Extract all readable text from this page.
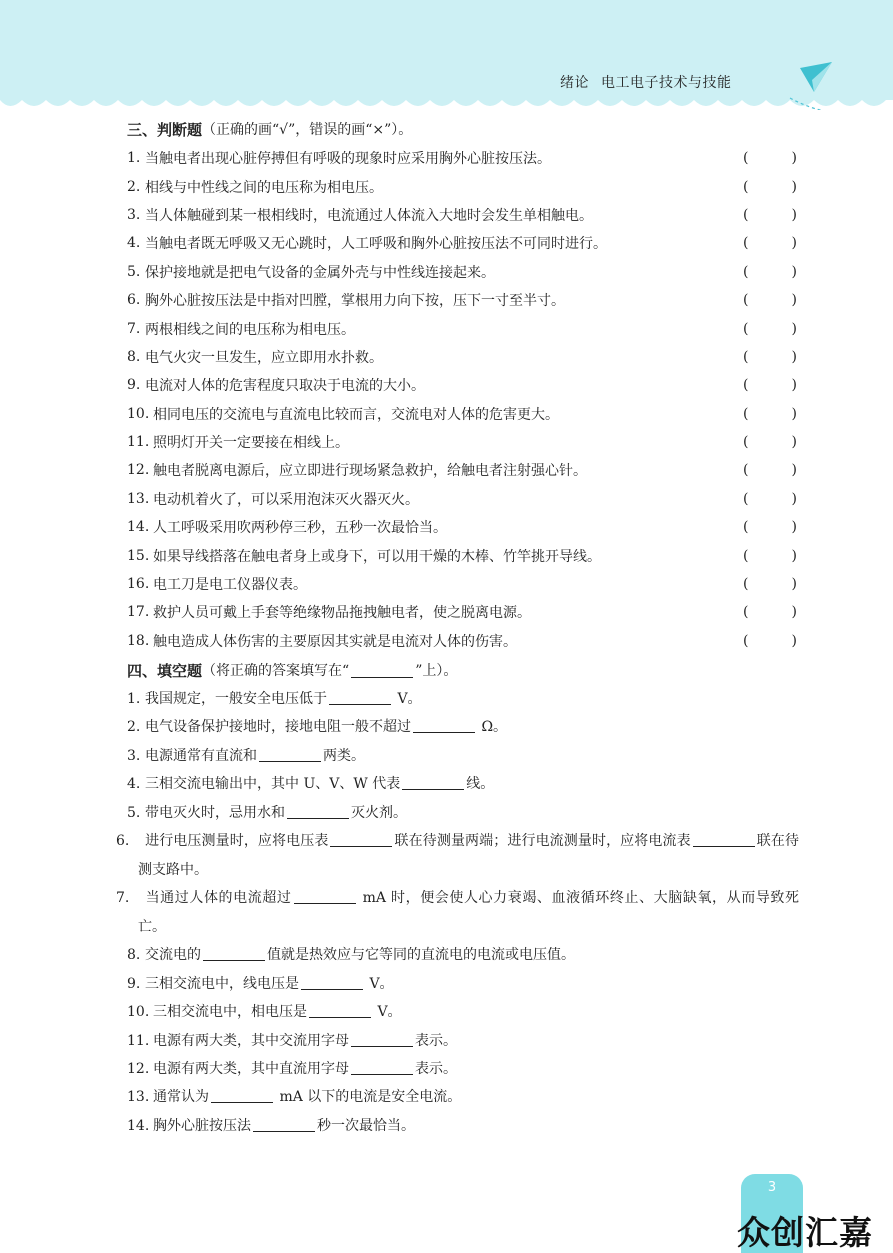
绪论 电工电子技术与技能
三、判断题 （正确的画“√”，错误的画“×”）。
1. 当触电者出现心脏停搏但有呼吸的现象时应采用胸外心脏按压法。	(	)
2. 相线与中性线之间的电压称为相电压。	(	)
3. 当人体触碰到某一根相线时，电流通过人体流入大地时会发生单相触电。	(	)
4. 当触电者既无呼吸又无心跳时，人工呼吸和胸外心脏按压法不可同时进行。	(	)
5. 保护接地就是把电气设备的金属外壳与中性线连接起来。	(	)
6. 胸外心脏按压法是中指对凹膛，掌根用力向下按，压下一寸至半寸。	(	)
7. 两根相线之间的电压称为相电压。	(	)
8. 电气火灾一旦发生，应立即用水扑救。	(	)
9. 电流对人体的危害程度只取决于电流的大小。	(	)
10. 相同电压的交流电与直流电比较而言，交流电对人体的危害更大。	(	)
11. 照明灯开关一定要接在相线上。	(	)
12. 触电者脱离电源后，应立即进行现场紧急救护，给触电者注射强心针。	(	)
13. 电动机着火了，可以采用泡沫灭火器灭火。	(	)
14. 人工呼吸采用吹两秒停三秒，五秒一次最恰当。	(	)
15. 如果导线搭落在触电者身上或身下，可以用干燥的木棒、竹竿挑开导线。	(	)
16. 电工刀是电工仪器仪表。	(	)
17. 救护人员可戴上手套等绝缘物品拖拽触电者，使之脱离电源。	(	)
18. 触电造成人体伤害的主要原因其实就是电流对人体的伤害。	(	)
四、填空题 （将正确的答案填写在“	”上）。
1. 我国规定，一般安全电压低于	V。
2. 电气设备保护接地时，接地电阻一般不超过	Ω。
3. 电源通常有直流和	两类。
4. 三相交流电输出中，其中 U、V、W 代表	线。
5. 带电灭火时，忌用水和	灭火剂。
6. 进行电压测量时，应将电压表	联在待测量两端；进行电流测量时，应将电流表	联在待测支路中。
7. 当通过人体的电流超过	mA 时，便会使人心力衰竭、血液循环终止、大脑缺氧，从而导致死亡。
8. 交流电的	值就是热效应与它等同的直流电的电流或电压值。
9. 三相交流电中，线电压是	V。
10. 三相交流电中，相电压是	V。
11. 电源有两大类，其中交流用字母	表示。
12. 电源有两大类，其中直流用字母	表示。
13. 通常认为	mA 以下的电流是安全电流。
14. 胸外心脏按压法	秒一次最恰当。
3
众创汇嘉
